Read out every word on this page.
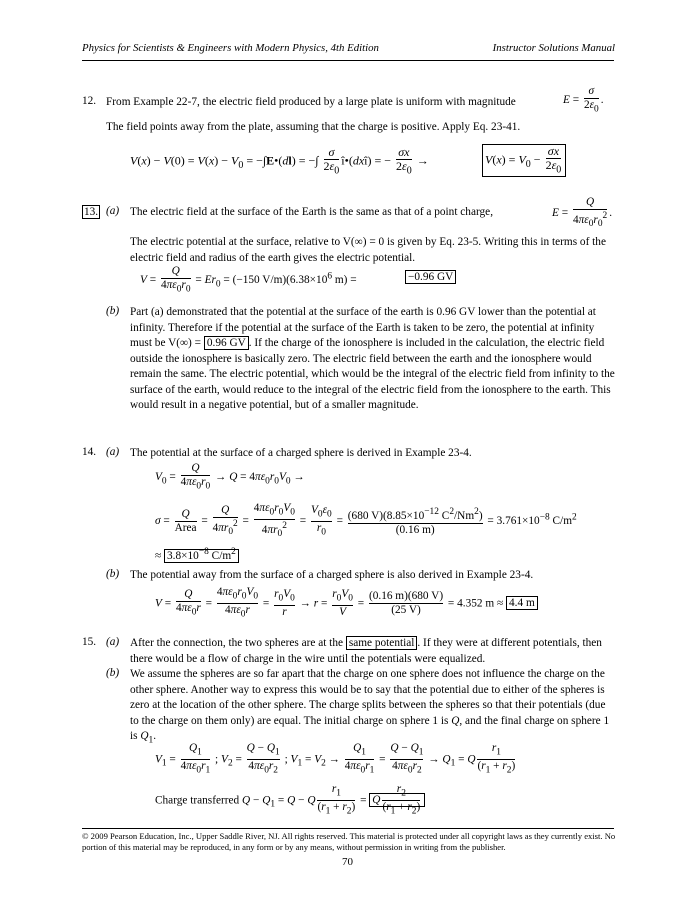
Physics for Scientists & Engineers with Modern Physics, 4th Edition	Instructor Solutions Manual
12. From Example 22-7, the electric field produced by a large plate is uniform with magnitude	$E = \frac{\sigma}{2\varepsilon_0}$ .
The field points away from the plate, assuming that the charge is positive. Apply Eq. 23-41.
$V(x) - V(0) = V(x) - V_0$ = −∫E•(dl) = −∫ $\frac{\sigma}{2\varepsilon_0}$ î•(dxî) = − $\frac{\sigma x}{2\varepsilon_0}$ →	$V(x) = V_0 - \frac{\sigma x}{2\varepsilon_0}$
13. (a) The electric field at the surface of the Earth is the same as that of a point charge,	$E = \frac{Q}{4\pi\varepsilon_0r_0^2}$ .
The electric potential at the surface, relative to V(∞) = 0 is given by Eq. 23-5. Writing this in terms of the electric field and radius of the earth gives the electric potential.
$V = \frac{Q}{4\pi\varepsilon_0r_0} = Er_0 = (-150$ $V/m)(6.38\times 10^6$ m) =	−0.96 GV
(b) Part (a) demonstrated that the potential at the surface of the earth is 0.96 GV lower than the potential at infinity. Therefore if the potential at the surface of the Earth is taken to be zero, the potential at infinity must be V(∞) = 0.96 GV . If the charge of the ionosphere is included in the calculation, the electric field outside the ionosphere is basically zero. The electric field between the earth and the ionosphere would remain the same. The electric potential, which would be the integral of the electric field from infinity to the surface of the earth, would reduce to the integral of the electric field from the ionosphere to the earth. This would result in a negative potential, but of a smaller magnitude.
14. (a) The potential at the surface of a charged sphere is derived in Example 23-4.
$V_0 = \frac{Q}{4\pi\varepsilon_0r_0} \to Q = 4\pi\varepsilon_0r_0V_0$ →
$\sigma = \frac{Q}{\text{Area}} = \frac{Q}{4\pi r_0^2} = \frac{4\pi\varepsilon_0r_0V_0}{4\pi r_0^2} = \frac{V_0\varepsilon_0}{r_0} = \frac{(680 V)(8.85\times 10^{-12} C^2/Nm^2)}{(0.16 m)} = 3.761\times 10^{-8}$ $C/m^2$
≈ $3.8\times 10^{-8}$ $C/m^2$
(b) The potential away from the surface of a charged sphere is also derived in Example 23-4.
$V = \frac{Q}{4\pi\varepsilon_0r} = \frac{4\pi\varepsilon_0r_0V_0}{4\pi\varepsilon_0r} = \frac{r_0V_0}{r} \to r = \frac{r_0V_0}{V} = \frac{(0.16 m)(680 V)}{(25 V)} = 4.352$ m ≈ 4.4 m
15. (a) After the connection, the two spheres are at the same potential . If they were at different potentials, then there would be a flow of charge in the wire until the potentials were equalized.
(b) We assume the spheres are so far apart that the charge on one sphere does not influence the charge on the other sphere. Another way to express this would be to say that the potential due to either of the spheres is zero at the location of the other sphere. The charge splits between the spheres so that their potentials (due to the charge on them only) are equal. The initial charge on sphere 1 is Q, and the final charge on sphere 1 is $Q_1$.
$V_1 = \frac{Q_1}{4\pi\varepsilon_0r_1}$ ; $V_2 = \frac{Q - Q_1}{4\pi\varepsilon_0r_2}$ ; $V_1 = V_2 \to \frac{Q_1}{4\pi\varepsilon_0r_1} = \frac{Q - Q_1}{4\pi\varepsilon_0r_2} \to Q_1 = Q \frac{r_1}{(r_1 + r_2)}$
Charge transferred $Q - Q_1 = Q - Q \frac{r_1}{(r_1 + r_2)} = Q \frac{r_2}{(r_1 + r_2)}$
© 2009 Pearson Education, Inc., Upper Saddle River, NJ. All rights reserved. This material is protected under all copyright laws as they currently exist. No portion of this material may be reproduced, in any form or by any means, without permission in writing from the publisher.
70
